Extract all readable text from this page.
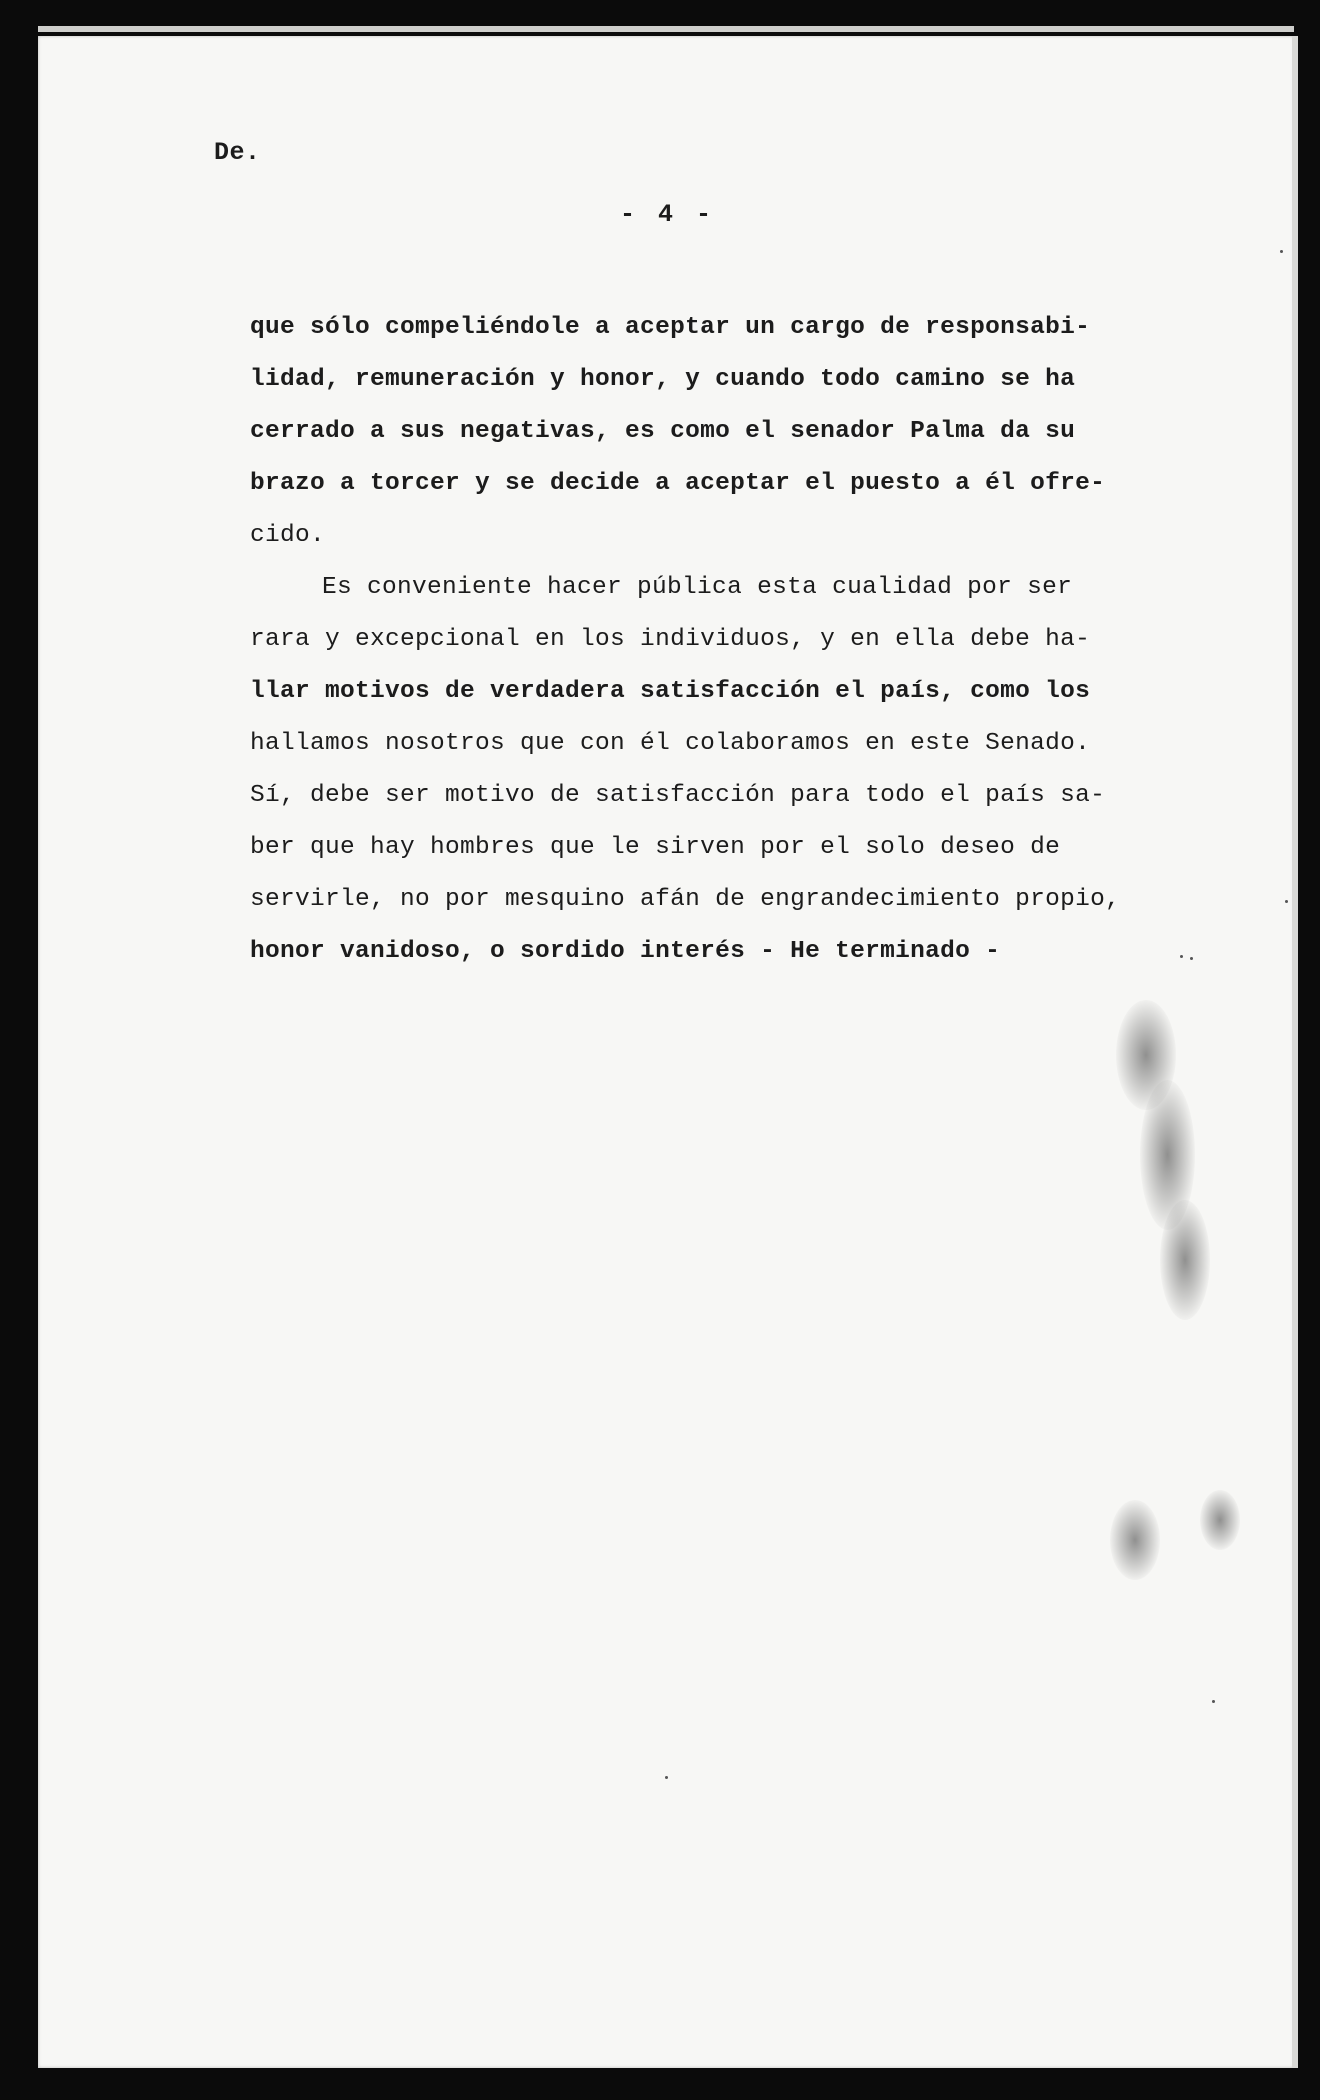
De.
- 4 -
que sólo compeliéndole a aceptar un cargo de responsabi-
lidad, remuneración y honor, y cuando todo camino se ha
cerrado a sus negativas, es como el senador Palma da su
brazo a torcer y se decide a aceptar el puesto a él ofre-
cido.
Es conveniente hacer pública esta cualidad por ser
rara y excepcional en los individuos, y en ella debe ha-
llar motivos de verdadera satisfacción el país, como los
hallamos nosotros que con él colaboramos en este Senado.
Sí, debe ser motivo de satisfacción para todo el país sa-
ber que hay hombres que le sirven por el solo deseo de
servirle, no por mesquino afán de engrandecimiento propio,
honor vanidoso, o sordido interés - He terminado -
